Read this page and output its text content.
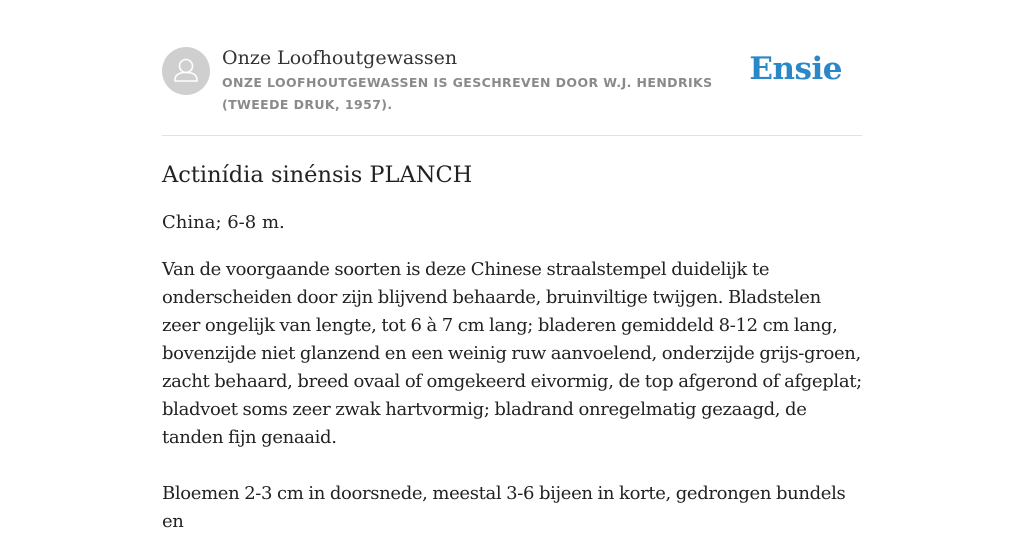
Onze Loofhoutgewassen
ONZE LOOFHOUTGEWASSEN IS GESCHREVEN DOOR W.J. HENDRIKS (TWEEDE DRUK, 1957).
Ensie
Actinídia sinénsis PLANCH

China; 6-8 m.

Van de voorgaande soorten is deze Chinese straalstempel duidelijk te onderscheiden door zijn blijvend behaarde, bruinviltige twijgen. Bladstelen zeer ongelijk van lengte, tot 6 à 7 cm lang; bladeren gemiddeld 8-12 cm lang, bovenzijde niet glanzend en een weinig ruw aanvoelend, onderzijde grijs-groen, zacht behaard, breed ovaal of omgekeerd eivormig, de top afgerond of afgeplat; bladvoet soms zeer zwak hartvormig; bladrand onregelmatig gezaagd, de tanden fijn genaaid.

Bloemen 2-3 cm in doorsnede, meestal 3-6 bijeen in korte, gedrongen bundels en
